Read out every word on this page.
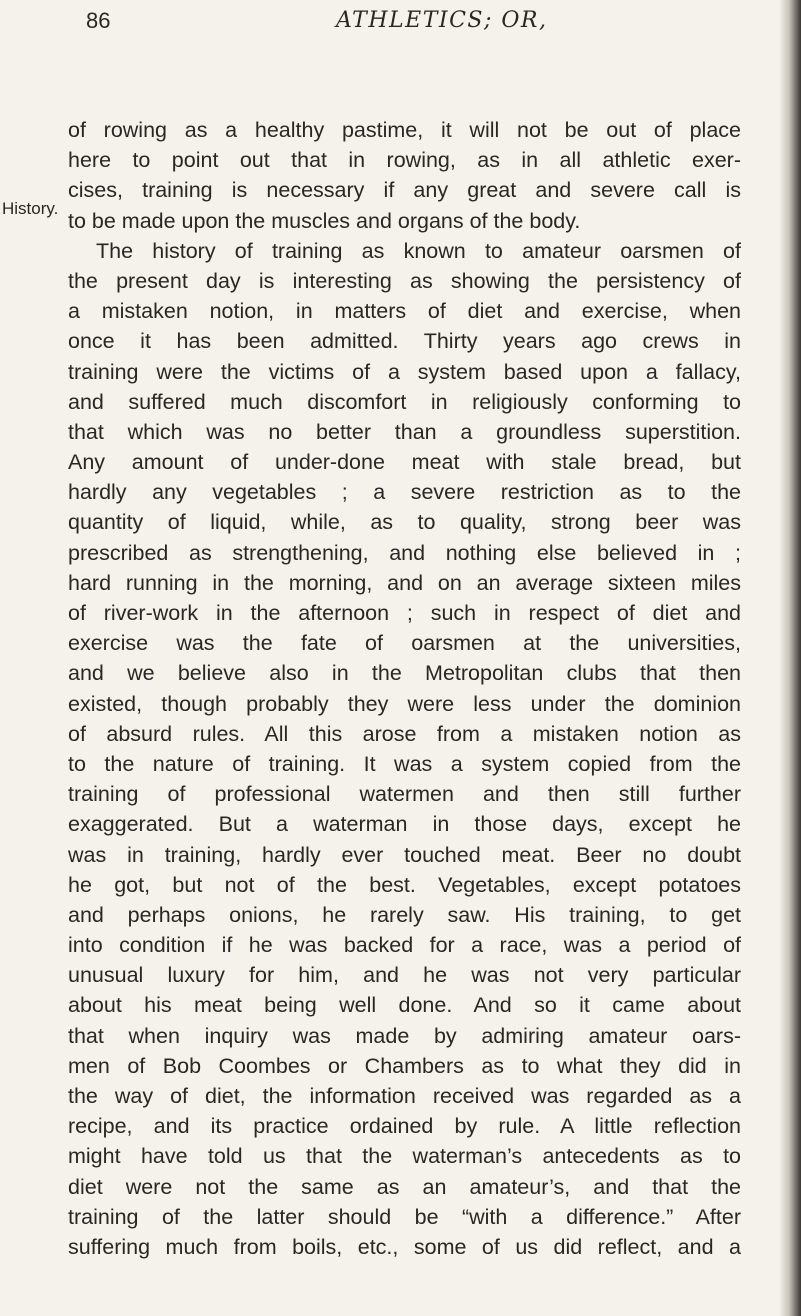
86	ATHLETICS; OR,
History.
of rowing as a healthy pastime, it will not be out of place
here to point out that in rowing, as in all athletic exer-
cises, training is necessary if any great and severe call is
to be made upon the muscles and organs of the body.
The history of training as known to amateur oarsmen of
the present day is interesting as showing the persistency of
a mistaken notion, in matters of diet and exercise, when
once it has been admitted. Thirty years ago crews in
training were the victims of a system based upon a fallacy,
and suffered much discomfort in religiously conforming to
that which was no better than a groundless superstition.
Any amount of under-done meat with stale bread, but
hardly any vegetables ; a severe restriction as to the
quantity of liquid, while, as to quality, strong beer was
prescribed as strengthening, and nothing else believed in ;
hard running in the morning, and on an average sixteen miles
of river-work in the afternoon ; such in respect of diet and
exercise was the fate of oarsmen at the universities,
and we believe also in the Metropolitan clubs that then
existed, though probably they were less under the dominion
of absurd rules. All this arose from a mistaken notion as
to the nature of training. It was a system copied from the
training of professional watermen and then still further
exaggerated. But a waterman in those days, except he
was in training, hardly ever touched meat. Beer no doubt
he got, but not of the best. Vegetables, except potatoes
and perhaps onions, he rarely saw. His training, to get
into condition if he was backed for a race, was a period of
unusual luxury for him, and he was not very particular
about his meat being well done. And so it came about
that when inquiry was made by admiring amateur oars-
men of Bob Coombes or Chambers as to what they did in
the way of diet, the information received was regarded as a
recipe, and its practice ordained by rule. A little reflection
might have told us that the waterman’s antecedents as to
diet were not the same as an amateur’s, and that the
training of the latter should be “with a difference.” After
suffering much from boils, etc., some of us did reflect, and a
